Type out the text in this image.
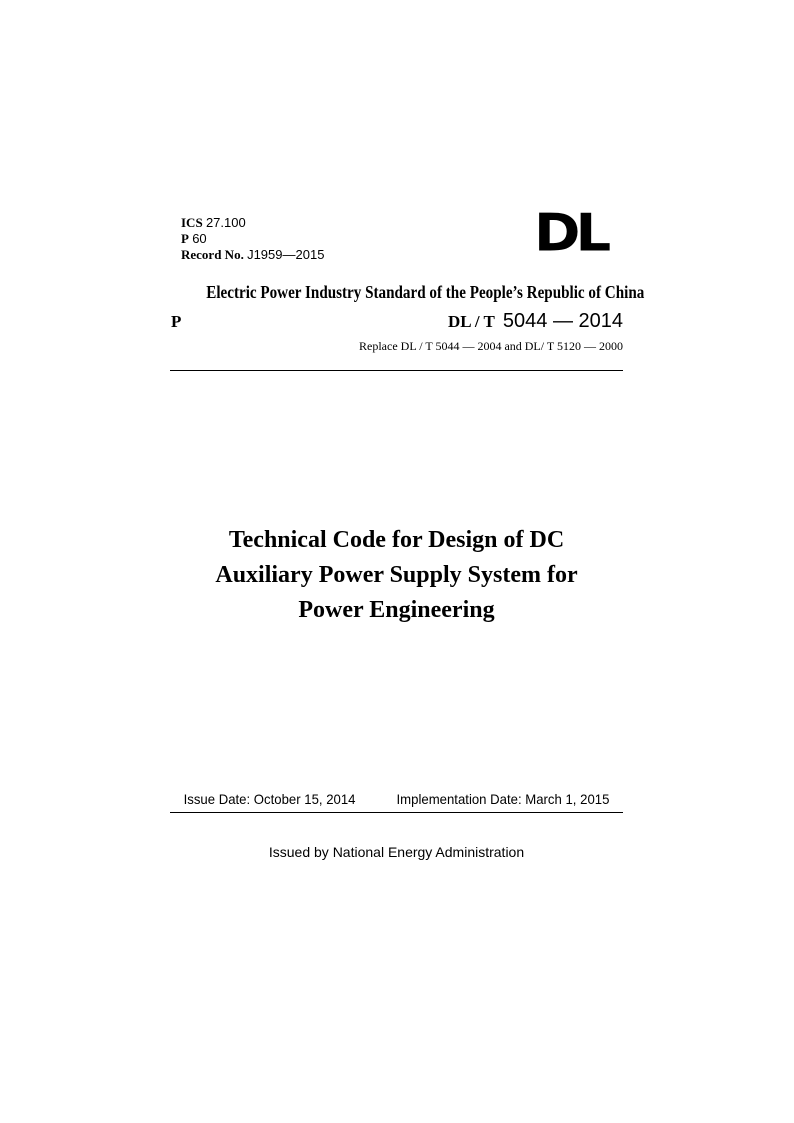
ICS 27.100
P 60
Record No. J1959—2015	DL
Electric Power Industry Standard of the People’s Republic of China
P	DL / T 5044 — 2014
Replace DL / T 5044 — 2004 and DL/ T 5120 — 2000
Technical Code for Design of DC
Auxiliary Power Supply System for
Power Engineering
Issue Date: October 15, 2014	Implementation Date: March 1, 2015
Issued by National Energy Administration
